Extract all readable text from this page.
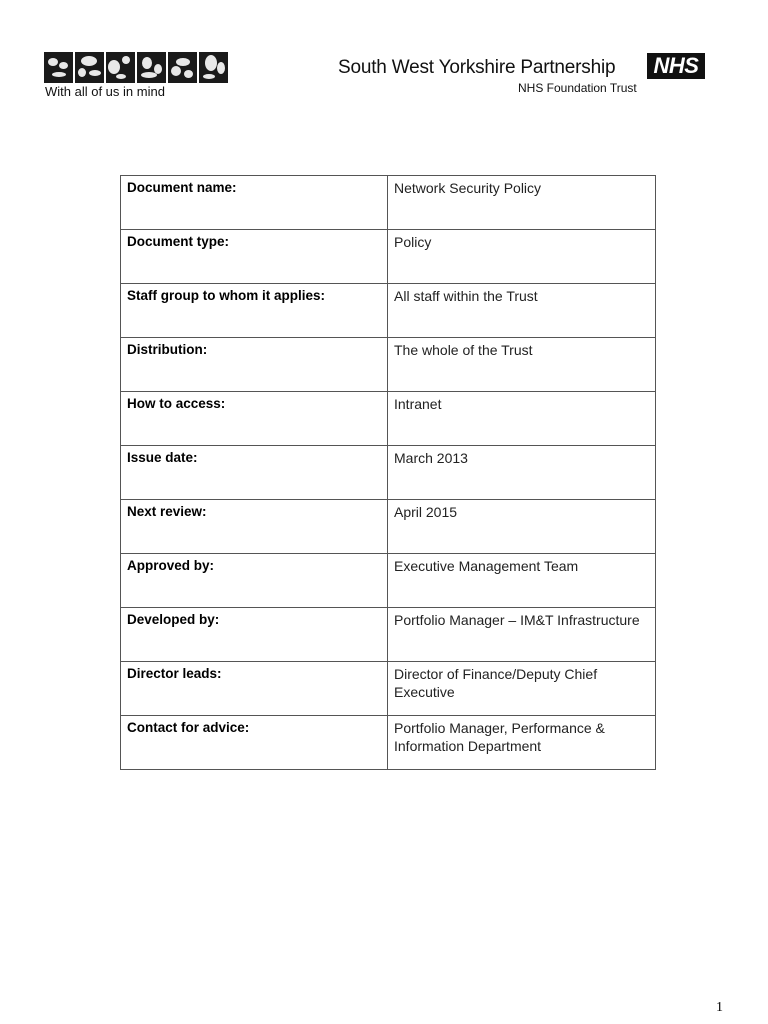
With all of us in mind
South West Yorkshire Partnership NHS
NHS Foundation Trust
Document name:	Network Security Policy
Document type:	Policy
Staff group to whom it applies:	All staff within the Trust
Distribution:	The whole of the Trust
How to access:	Intranet
Issue date:	March 2013
Next review:	April 2015
Approved by:	Executive Management Team
Developed by:	Portfolio Manager – IM&T Infrastructure
Director leads:	Director of Finance/Deputy Chief Executive
Contact for advice:	Portfolio Manager, Performance & Information Department
1
